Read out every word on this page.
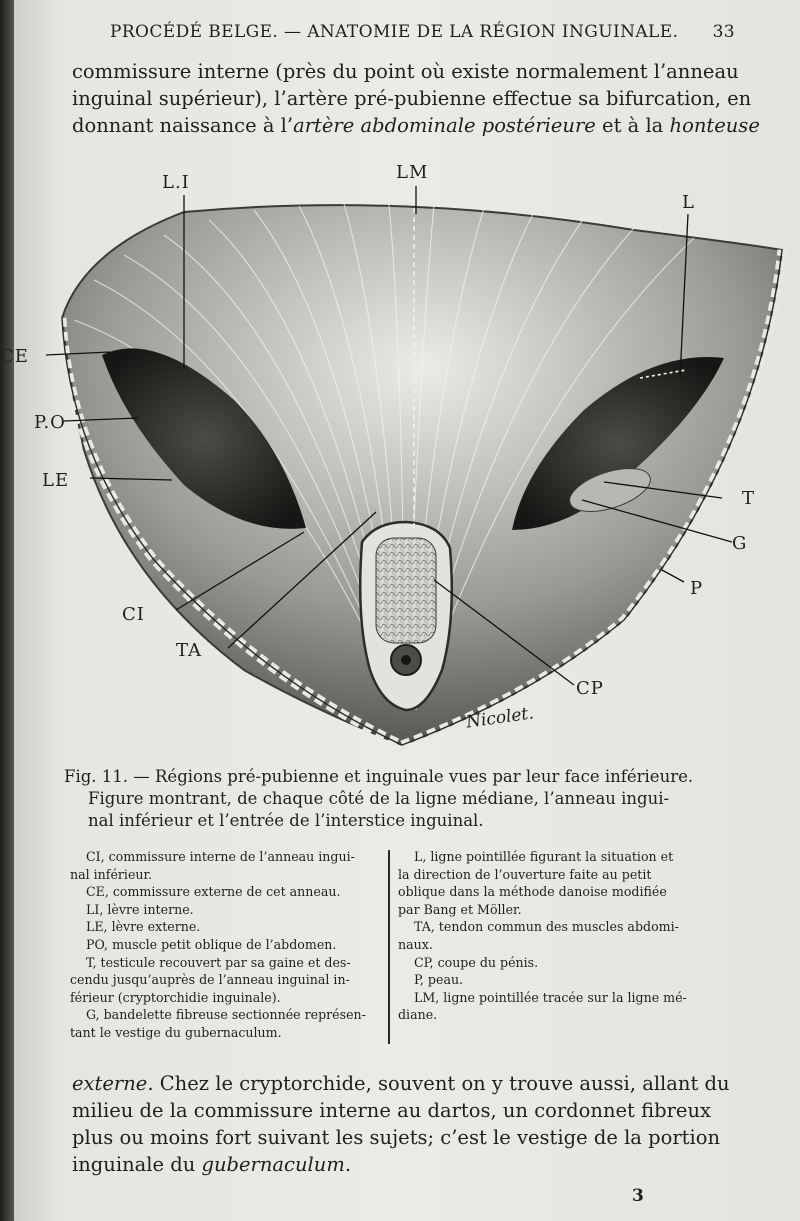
PROCÉDÉ BELGE. — ANATOMIE DE LA RÉGION INGUINALE. 33
commissure interne (près du point où existe normalement l’anneau
inguinal supérieur), l’artère pré-pubienne effectue sa bifurcation, en
donnant naissance à l’artère abdominale postérieure et à la honteuse
L.I	LM
L
CE
P.O
LE
T
G
P
CI
TA
CP
Nicolet.
Fig. 11. — Régions pré-pubienne et inguinale vues par leur face inférieure.
Figure montrant, de chaque côté de la ligne médiane, l’anneau ingui-
nal inférieur et l’entrée de l’interstice inguinal.
CI, commissure interne de l’anneau ingui-
nal inférieur.
CE, commissure externe de cet anneau.
LI, lèvre interne.
LE, lèvre externe.
PO, muscle petit oblique de l’abdomen.
T, testicule recouvert par sa gaine et des-
cendu jusqu’auprès de l’anneau inguinal in-
férieur (cryptorchidie inguinale).
G, bandelette fibreuse sectionnée représen-
tant le vestige du gubernaculum.
L, ligne pointillée figurant la situation et
la direction de l’ouverture faite au petit
oblique dans la méthode danoise modifiée
par Bang et Möller.
TA, tendon commun des muscles abdomi-
naux.
CP, coupe du pénis.
P, peau.
LM, ligne pointillée tracée sur la ligne mé-
diane.
externe. Chez le cryptorchide, souvent on y trouve aussi, allant du
milieu de la commissure interne au dartos, un cordonnet fibreux
plus ou moins fort suivant les sujets; c’est le vestige de la portion
inguinale du gubernaculum.
3
